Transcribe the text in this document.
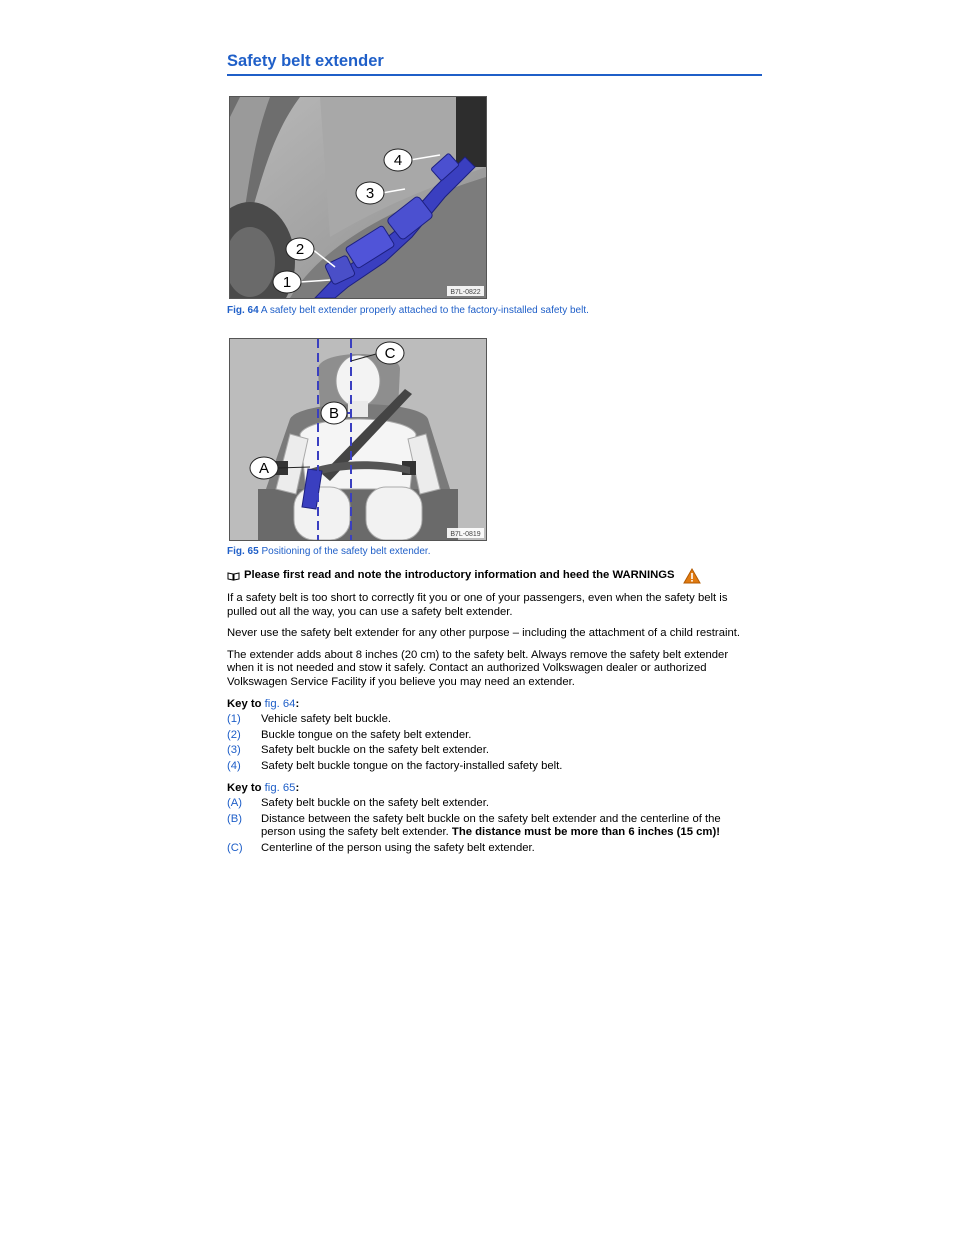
Safety belt extender
4
3
2
1
B7L-0822
Fig. 64 A safety belt extender properly attached to the factory-installed safety belt.
C
B
A
B7L-0819
Fig. 65 Positioning of the safety belt extender.
Please first read and note the introductory information and heed the WARNINGS

If a safety belt is too short to correctly fit you or one of your passengers, even when the safety belt is pulled out all the way, you can use a safety belt extender.

Never use the safety belt extender for any other purpose – including the attachment of a child restraint.

The extender adds about 8 inches (20 cm) to the safety belt. Always remove the safety belt extender when it is not needed and stow it safely. Contact an authorized Volkswagen dealer or authorized Volkswagen Service Facility if you believe you may need an extender.

Key to fig. 64:
(1)	Vehicle safety belt buckle.
(2)	Buckle tongue on the safety belt extender.
(3)	Safety belt buckle on the safety belt extender.
(4)	Safety belt buckle tongue on the factory-installed safety belt.
Key to fig. 65:
(A)	Safety belt buckle on the safety belt extender.
(B)	Distance between the safety belt buckle on the safety belt extender and the centerline of the person using the safety belt extender. The distance must be more than 6 inches (15 cm)!
(C)	Centerline of the person using the safety belt extender.
